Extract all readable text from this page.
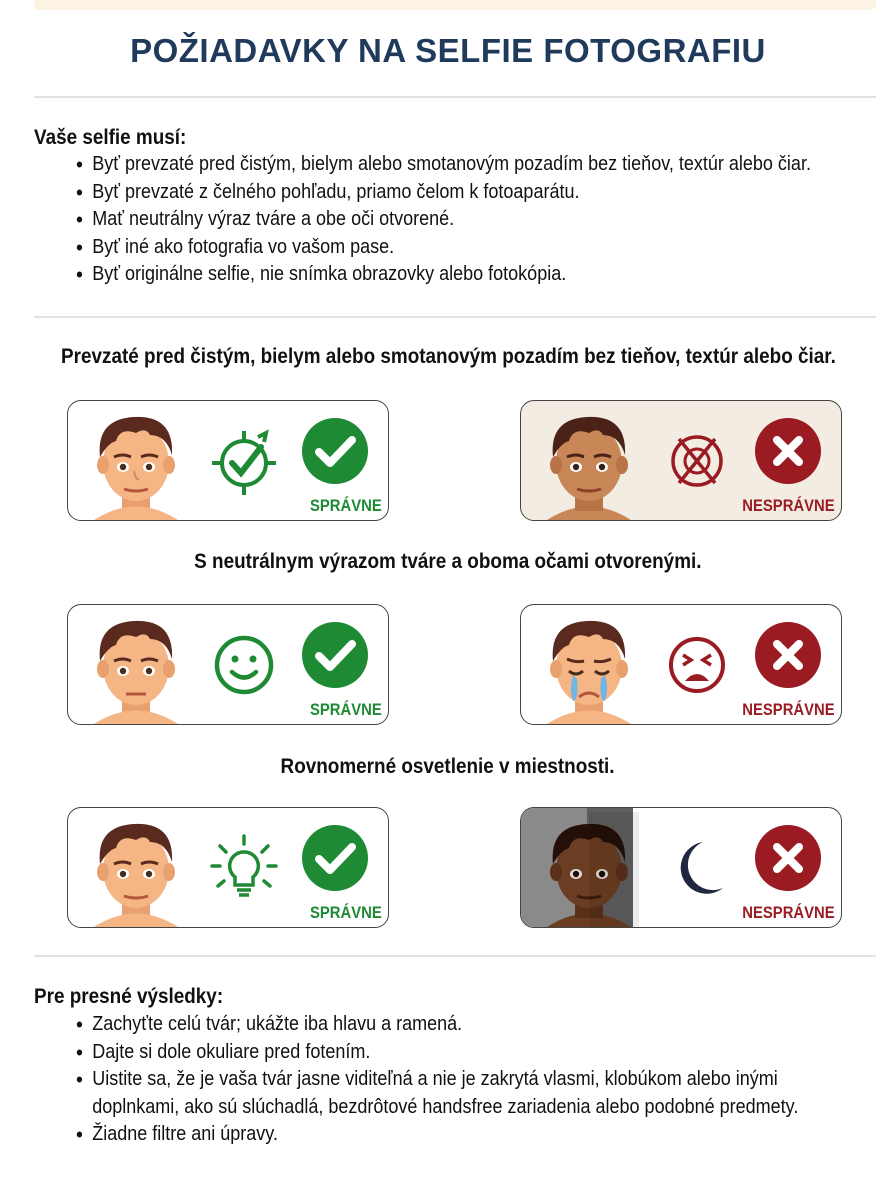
POŽIADAVKY NA SELFIE FOTOGRAFIU
Vaše selfie musí:
• Byť prevzaté pred čistým, bielym alebo smotanovým pozadím bez tieňov, textúr alebo čiar.
• Byť prevzaté z čelného pohľadu, priamo čelom k fotoaparátu.
• Mať neutrálny výraz tváre a obe oči otvorené.
• Byť iné ako fotografia vo vašom pase.
• Byť originálne selfie, nie snímka obrazovky alebo fotokópia.
Prevzaté pred čistým, bielym alebo smotanovým pozadím bez tieňov, textúr alebo čiar.
SPRÁVNE	NESPRÁVNE
S neutrálnym výrazom tváre a oboma očami otvorenými.
SPRÁVNE	NESPRÁVNE
Rovnomerné osvetlenie v miestnosti.
SPRÁVNE	NESPRÁVNE
Pre presné výsledky:
• Zachyťte celú tvár; ukážte iba hlavu a ramená.
• Dajte si dole okuliare pred fotením.
• Uistite sa, že je vaša tvár jasne viditeľná a nie je zakrytá vlasmi, klobúkom alebo inými
doplnkami, ako sú slúchadlá, bezdrôtové handsfree zariadenia alebo podobné predmety.
• Žiadne filtre ani úpravy.
